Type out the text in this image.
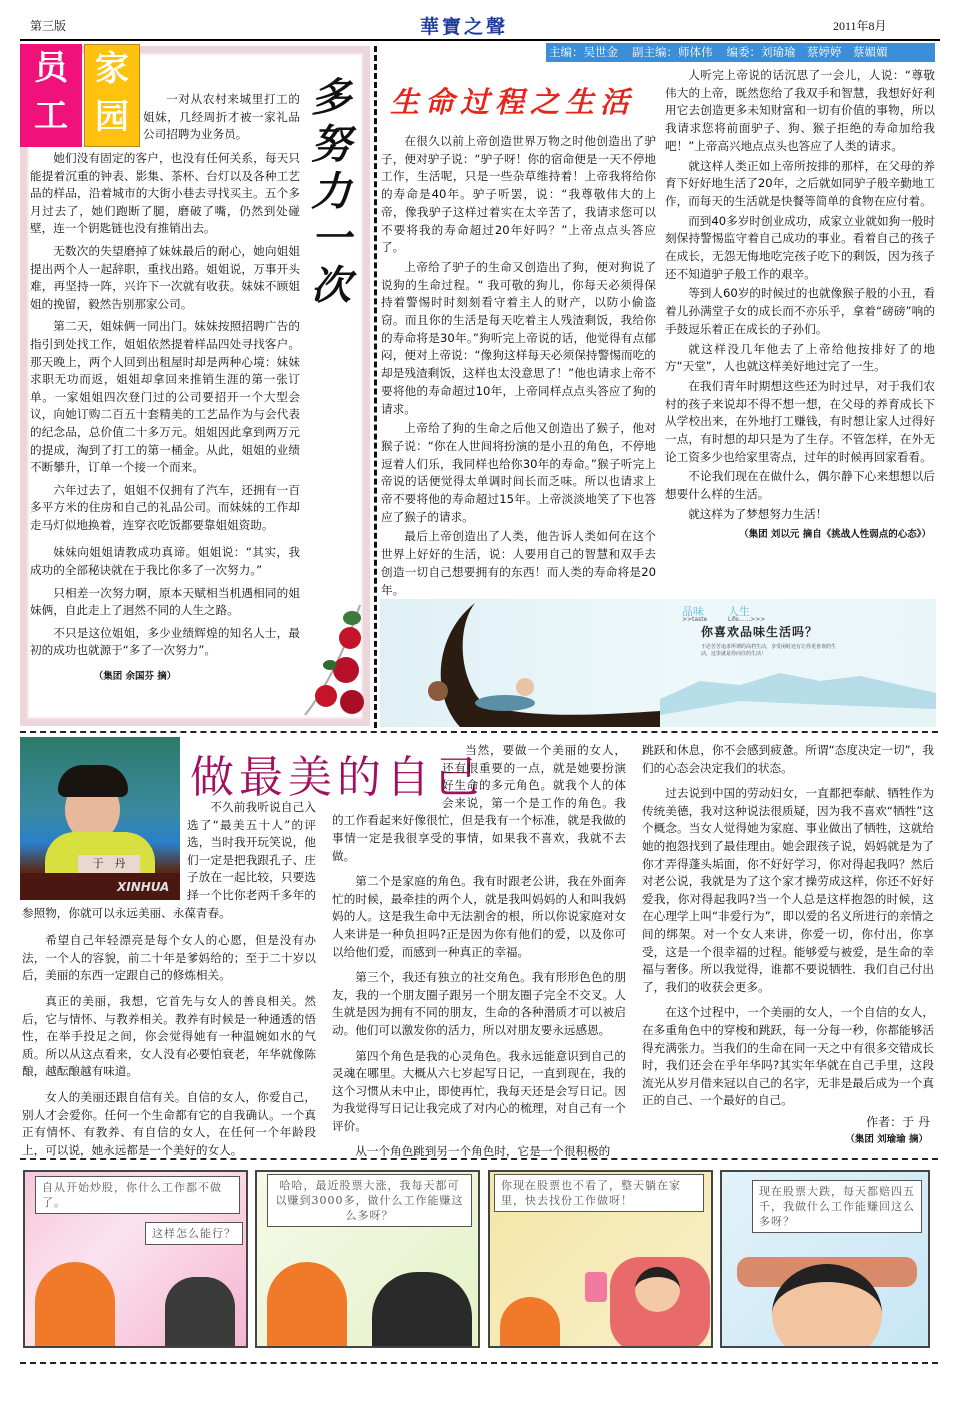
第三版	華寶之聲	2011年8月
主编：吴世金 副主编：师体伟 编委：刘瑜瑜　蔡婷婷　蔡媚媚
员
工
家
园	多
努
力
一
次

一对从农村来城里打工的姐妹，几经周折才被一家礼品公司招聘为业务员。

她们没有固定的客户，也没有任何关系，每天只能提着沉重的钟表、影集、茶杯、台灯以及各种工艺品的样品，沿着城市的大街小巷去寻找买主。五个多月过去了，她们跑断了腿，磨破了嘴，仍然到处碰壁，连一个钥匙链也没有推销出去。

无数次的失望磨掉了妹妹最后的耐心，她向姐姐提出两个人一起辞职，重找出路。姐姐说，万事开头难，再坚持一阵，兴许下一次就有收获。妹妹不顾姐姐的挽留，毅然告别那家公司。

第二天，姐妹俩一同出门。妹妹按照招聘广告的指引到处找工作，姐姐依然提着样品四处寻找客户。那天晚上，两个人回到出租屋时却是两种心境：妹妹求职无功而返，姐姐却拿回来推销生涯的第一张订单。一家姐姐四次登门过的公司要招开一个大型会议，向她订购二百五十套精美的工艺品作为与会代表的纪念品，总价值二十多万元。姐姐因此拿到两万元的提成，淘到了打工的第一桶金。从此，姐姐的业绩不断攀升，订单一个接一个而来。

六年过去了，姐姐不仅拥有了汽车，还拥有一百多平方米的住房和自己的礼品公司。而妹妹的工作却走马灯似地换着，连穿衣吃饭都要靠姐姐资助。

妹妹向姐姐请教成功真谛。姐姐说：“其实，我成功的全部秘诀就在于我比你多了一次努力。”

只相差一次努力啊，原本天赋相当机遇相同的姐妹俩，自此走上了迥然不同的人生之路。

不只是这位姐姐，多少业绩辉煌的知名人士，最初的成功也就源于“多了一次努力”。

（集团 余国芬 摘）
生命过程之生活
品味
>>taste
人生
Life......>>>
你喜欢品味生活吗？
不必苦苦追求所谓的高档生活，享受闲时还有让你更喜欢的生活，这里就是你向往的生活！

在很久以前上帝创造世界万物之时他创造出了驴子，便对驴子说：“驴子呀！你的宿命便是一天不停地工作，生活呢，只是一些杂草维持着！上帝我将给你的寿命是40年。驴子听罢，说：“我尊敬伟大的上帝，像我驴子这样过着实在太辛苦了，我请求您可以不要将我的寿命超过20年好吗？”上帝点点头答应了。

上帝给了驴子的生命又创造出了狗，便对狗说了说狗的生命过程。“ 我可敬的狗儿，你每天必须得保持着警惕时时刻刻看守着主人的财产，以防小偷盗窃。而且你的生活是每天吃着主人残渣剩饭，我给你的寿命将是30年。”狗听完上帝说的话，他觉得有点郁闷，便对上帝说：“像狗这样每天必须保持警惕而吃的却是残渣剩饭，这样也太没意思了！”他也请求上帝不要将他的寿命超过10年，上帝同样点点头答应了狗的请求。

上帝给了狗的生命之后他又创造出了猴子，他对猴子说：“你在人世间将扮演的是小丑的角色，不停地逗着人们乐，我同样也给你30年的寿命。”猴子听完上帝说的话便觉得太单调时间长而乏味。所以也请求上帝不要将他的寿命超过15年。上帝淡淡地笑了下也答应了猴子的请求。

最后上帝创造出了人类，他告诉人类如何在这个世界上好好的生活，说：人要用自己的智慧和双手去创造一切自己想要拥有的东西！而人类的寿命将是20年。

人听完上帝说的话沉思了一会儿，人说：“尊敬伟大的上帝，既然您给了我双手和智慧，我想好好利用它去创造更多未知财富和一切有价值的事物，所以我请求您将前面驴子、狗、猴子拒绝的寿命加给我吧！”上帝高兴地点点头也答应了人类的请求。

就这样人类正如上帝所按排的那样，在父母的养育下好好地生活了20年，之后就如同驴子般辛勤地工作，而每天的生活就是快餐等简单的食物在应付着。

而到40多岁时创业成功，成家立业就如狗一般时刻保持警惕监守着自己成功的事业。看着自己的孩子在成长，无怨无悔地吃完孩子吃下的剩饭，因为孩子还不知道驴子般工作的艰辛。

等到人60岁的时候过的也就像猴子般的小丑，看着儿孙满堂子女的成长而不亦乐乎，拿着“磅磅”响的手鼓逗乐着正在成长的子孙们。

就这样没几年他去了上帝给他按排好了的地方“天堂”，人也就这样美好地过完了一生。

在我们青年时期想这些还为时过早，对于我们农村的孩子来说却不得不想一想，在父母的养育成长下从学校出来，在外地打工赚钱，有时想让家人过得好一点，有时想的却只是为了生存。不管怎样，在外无论工资多少也给家里寄点，过年的时候再回家看看。

不论我们现在在做什么，偶尔静下心来想想以后想要什么样的生活。

就这样为了梦想努力生活！

（集团 刘以元 摘自《挑战人性弱点的心态》）
于　丹
XINHUA
做最美的自己

不久前我听说自己入选了“最美五十人”的评选，当时我开玩笑说，他们一定是把我跟孔子、庄子放在一起比较，只要选择一个比你老两千多年的参照物，你就可以永远美丽、永葆青春。

希望自己年轻漂亮是每个女人的心愿，但是没有办法，一个人的容貌，前二十年是爹妈给的；至于二十岁以后，美丽的东西一定跟自己的修炼相关。

真正的美丽，我想，它首先与女人的善良相关。然后，它与情怀、与教养相关。教养有时候是一种通透的悟性，在举手投足之间，你会觉得她有一种温婉如水的气质。所以从这点看来，女人没有必要怕衰老，年华就像陈酿，越酝酿越有味道。

女人的美丽还跟自信有关。自信的女人，你爱自己，别人才会爱你。任何一个生命都有它的自我确认。一个真正有情怀、有教养、有自信的女人，在任何一个年龄段上，可以说，她永远都是一个美好的女人。

当然，要做一个美丽的女人，还有很重要的一点，就是她要扮演好生命的多元角色。就我个人的体会来说，第一个是工作的角色。我的工作看起来好像很忙，但是我有一个标准，就是我做的事情一定是我很享受的事情，如果我不喜欢，我就不去做。

第二个是家庭的角色。我有时跟老公讲，我在外面奔忙的时候，最牵挂的两个人，就是我叫妈妈的人和叫我妈妈的人。这是我生命中无法割舍的根，所以你说家庭对女人来讲是一种负担吗?正是因为你有他们的爱，以及你可以给他们爱，而感到一种真正的幸福。

第三个，我还有独立的社交角色。我有形形色色的朋友，我的一个朋友圈子跟另一个朋友圈子完全不交叉。人生就是因为拥有不同的朋友，生命的各种潜质才可以被启动。他们可以激发你的活力，所以对朋友要永远感恩。

第四个角色是我的心灵角色。我永远能意识到自己的灵魂在哪里。大概从六七岁起写日记，一直到现在，我的这个习惯从未中止，即使再忙，我每天还是会写日记。因为我觉得写日记让我完成了对内心的梳理，对自己有一个评价。

从一个角色跳到另一个角色时，它是一个很积极的

跳跃和休息，你不会感到疲惫。所谓“态度决定一切”，我们的心态会决定我们的状态。

过去说到中国的劳动妇女，一直都把奉献、牺牲作为传统美德，我对这种说法很质疑，因为我不喜欢“牺牲”这个概念。当女人觉得她为家庭、事业做出了牺牲，这就给她的抱怨找到了最佳理由。她会跟孩子说，妈妈就是为了你才弄得蓬头垢面，你不好好学习，你对得起我吗？然后对老公说，我就是为了这个家才操劳成这样，你还不好好爱我，你对得起我吗?当一个人总是这样抱怨的时候，这在心理学上叫“非爱行为”，即以爱的名义所进行的亲情之间的绑架。对一个女人来讲，你爱一切，你付出，你享受，这是一个很幸福的过程。能够爱与被爱，是生命的幸福与奢侈。所以我觉得，谁都不要说牺牲．我们自己付出了，我们的收获会更多。

在这个过程中，一个美丽的女人，一个自信的女人，在多重角色中的穿梭和跳跃，每一分每一秒，你都能够活得充满张力。当我们的生命在同一天之中有很多交错成长时，我们还会在乎年华吗?其实年华就在自己手里，这段流光从岁月借来冠以自己的名字，无非是最后成为一个真正的自己、一个最好的自己。

作者：于 丹
（集团 刘瑜瑜 摘）
自从开始炒股，你什么工作都不做了。
这样怎么能行？
哈哈，最近股票大涨，我每天都可以赚到3000多，做什么工作能赚这么多呀？
你现在股票也不看了，整天躺在家里，快去找份工作做呀！
现在股票大跌，每天都赔四五千，我做什么工作能赚回这么多呀？
